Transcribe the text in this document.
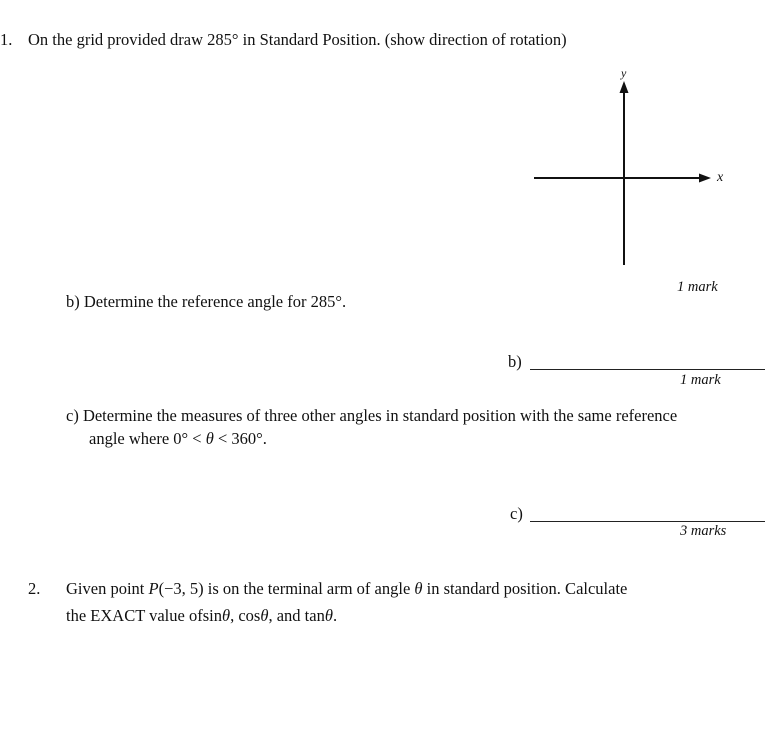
1. On the grid provided draw 285° in Standard Position. (show direction of rotation)
y
x
1 mark
b) Determine the reference angle for 285°.
b)
1 mark
c) Determine the measures of three other angles in standard position with the same reference
angle where 0° < θ < 360°.
c)
3 marks
2. Given point P(−3, 5) is on the terminal arm of angle θ in standard position. Calculate
the EXACT value ofsinθ, cosθ, and tanθ.
